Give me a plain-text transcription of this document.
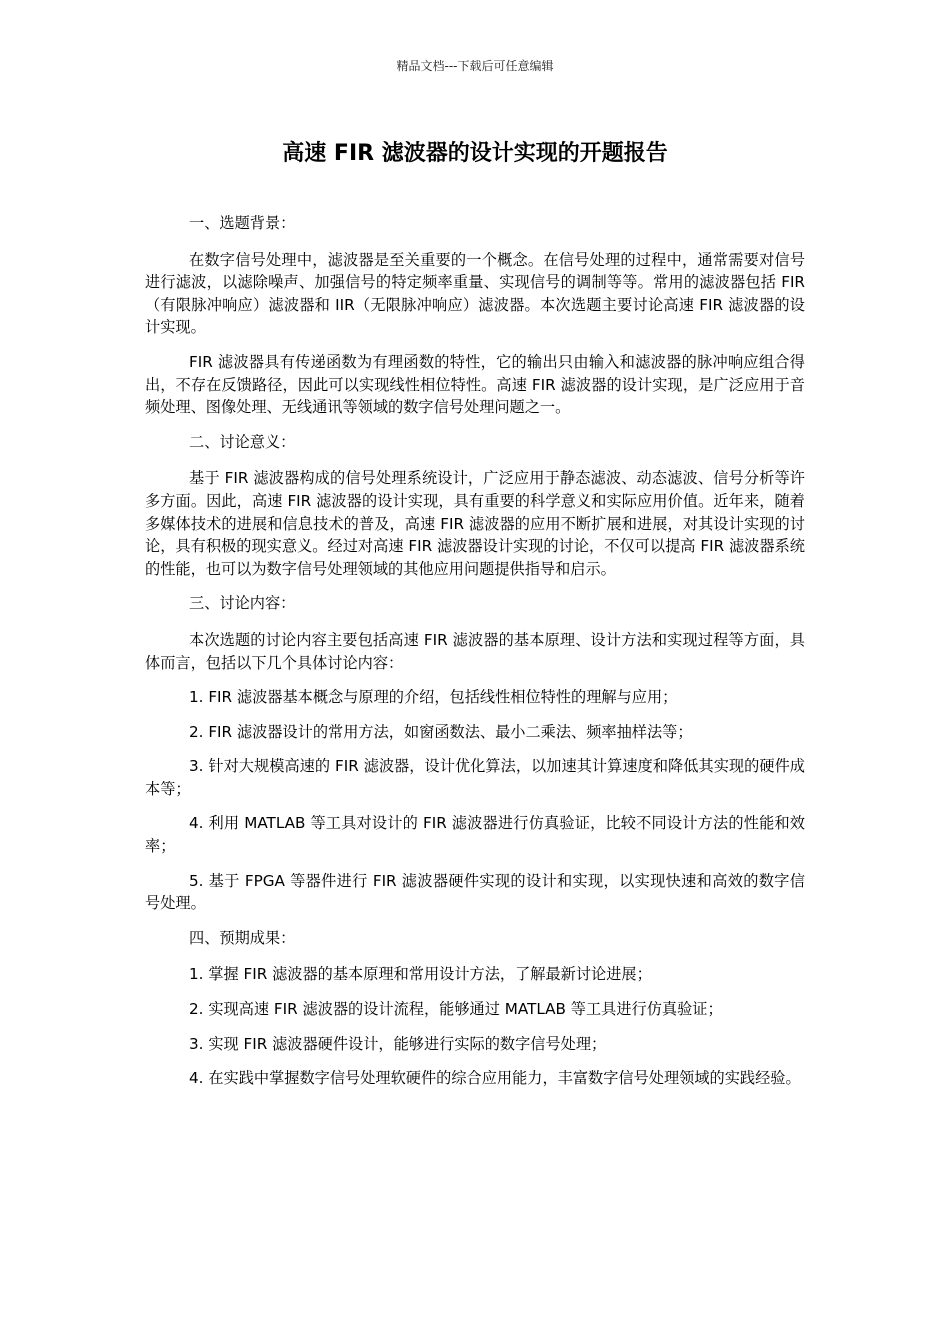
精品文档---下载后可任意编辑
高速 FIR 滤波器的设计实现的开题报告

一、选题背景：

在数字信号处理中，滤波器是至关重要的一个概念。在信号处理的过程中，通常需要对信号进行滤波，以滤除噪声、加强信号的特定频率重量、实现信号的调制等等。常用的滤波器包括 FIR（有限脉冲响应）滤波器和 IIR（无限脉冲响应）滤波器。本次选题主要讨论高速 FIR 滤波器的设计实现。

FIR 滤波器具有传递函数为有理函数的特性，它的输出只由输入和滤波器的脉冲响应组合得出，不存在反馈路径，因此可以实现线性相位特性。高速 FIR 滤波器的设计实现，是广泛应用于音频处理、图像处理、无线通讯等领域的数字信号处理问题之一。

二、讨论意义：

基于 FIR 滤波器构成的信号处理系统设计，广泛应用于静态滤波、动态滤波、信号分析等许多方面。因此，高速 FIR 滤波器的设计实现，具有重要的科学意义和实际应用价值。近年来，随着多媒体技术的进展和信息技术的普及，高速 FIR 滤波器的应用不断扩展和进展，对其设计实现的讨论，具有积极的现实意义。经过对高速 FIR 滤波器设计实现的讨论，不仅可以提高 FIR 滤波器系统的性能，也可以为数字信号处理领域的其他应用问题提供指导和启示。

三、讨论内容：

本次选题的讨论内容主要包括高速 FIR 滤波器的基本原理、设计方法和实现过程等方面，具体而言，包括以下几个具体讨论内容：

1. FIR 滤波器基本概念与原理的介绍，包括线性相位特性的理解与应用；

2. FIR 滤波器设计的常用方法，如窗函数法、最小二乘法、频率抽样法等；

3. 针对大规模高速的 FIR 滤波器，设计优化算法，以加速其计算速度和降低其实现的硬件成本等；

4. 利用 MATLAB 等工具对设计的 FIR 滤波器进行仿真验证，比较不同设计方法的性能和效率；

5. 基于 FPGA 等器件进行 FIR 滤波器硬件实现的设计和实现，以实现快速和高效的数字信号处理。

四、预期成果：

1. 掌握 FIR 滤波器的基本原理和常用设计方法，了解最新讨论进展；

2. 实现高速 FIR 滤波器的设计流程，能够通过 MATLAB 等工具进行仿真验证；

3. 实现 FIR 滤波器硬件设计，能够进行实际的数字信号处理；

4. 在实践中掌握数字信号处理软硬件的综合应用能力，丰富数字信号处理领域的实践经验。
